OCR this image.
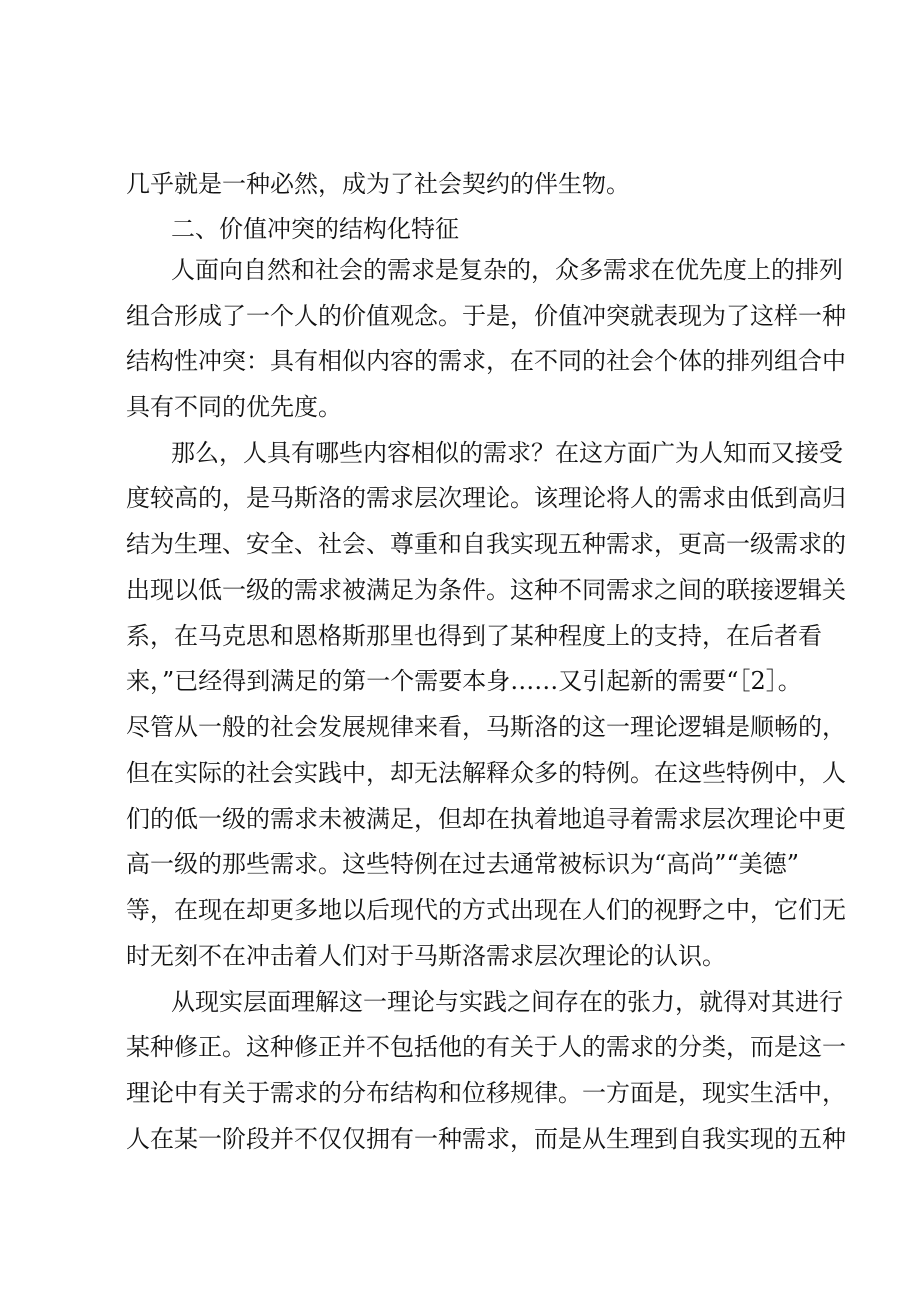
几乎就是一种必然，成为了社会契约的伴生物。
二、价值冲突的结构化特征
人面向自然和社会的需求是复杂的，众多需求在优先度上的排列
组合形成了一个人的价值观念。于是，价值冲突就表现为了这样一种
结构性冲突：具有相似内容的需求，在不同的社会个体的排列组合中
具有不同的优先度。
那么，人具有哪些内容相似的需求？在这方面广为人知而又接受
度较高的，是马斯洛的需求层次理论。该理论将人的需求由低到高归
结为生理、安全、社会、尊重和自我实现五种需求，更高一级需求的
出现以低一级的需求被满足为条件。这种不同需求之间的联接逻辑关
系，在马克思和恩格斯那里也得到了某种程度上的支持，在后者看
来，”已经得到满足的第一个需要本身……又引起新的需要“［2］。
尽管从一般的社会发展规律来看，马斯洛的这一理论逻辑是顺畅的，
但在实际的社会实践中，却无法解释众多的特例。在这些特例中，人
们的低一级的需求未被满足，但却在执着地追寻着需求层次理论中更
高一级的那些需求。这些特例在过去通常被标识为“高尚”“美德”
等，在现在却更多地以后现代的方式出现在人们的视野之中，它们无
时无刻不在冲击着人们对于马斯洛需求层次理论的认识。
从现实层面理解这一理论与实践之间存在的张力，就得对其进行
某种修正。这种修正并不包括他的有关于人的需求的分类，而是这一
理论中有关于需求的分布结构和位移规律。一方面是，现实生活中，
人在某一阶段并不仅仅拥有一种需求，而是从生理到自我实现的五种
